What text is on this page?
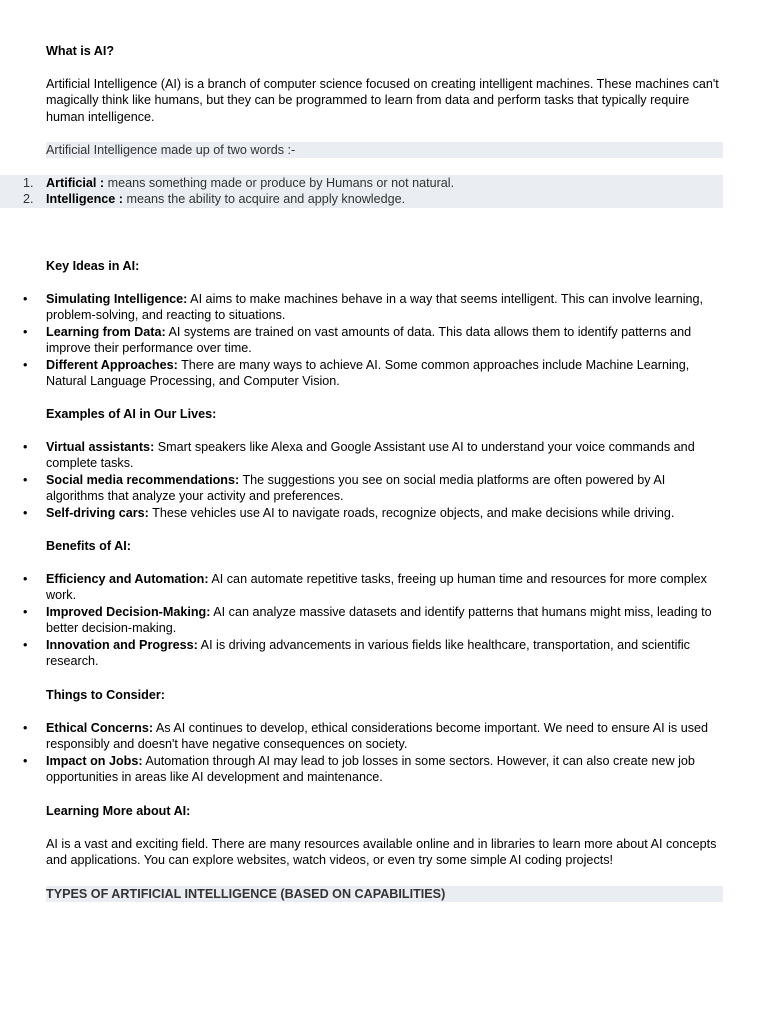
What is AI?

Artificial Intelligence (AI) is a branch of computer science focused on creating intelligent machines. These machines can't magically think like humans, but they can be programmed to learn from data and perform tasks that typically require human intelligence.

Artificial Intelligence made up of two words :-

1. Artificial : means something made or produce by Humans or not natural.
2. Intelligence : means the ability to acquire and apply knowledge.

Key Ideas in AI:

• Simulating Intelligence: AI aims to make machines behave in a way that seems intelligent. This can involve learning, problem-solving, and reacting to situations.
• Learning from Data: AI systems are trained on vast amounts of data. This data allows them to identify patterns and improve their performance over time.
• Different Approaches: There are many ways to achieve AI. Some common approaches include Machine Learning, Natural Language Processing, and Computer Vision.

Examples of AI in Our Lives:

• Virtual assistants: Smart speakers like Alexa and Google Assistant use AI to understand your voice commands and complete tasks.
• Social media recommendations: The suggestions you see on social media platforms are often powered by AI algorithms that analyze your activity and preferences.
• Self-driving cars: These vehicles use AI to navigate roads, recognize objects, and make decisions while driving.

Benefits of AI:

• Efficiency and Automation: AI can automate repetitive tasks, freeing up human time and resources for more complex work.
• Improved Decision-Making: AI can analyze massive datasets and identify patterns that humans might miss, leading to better decision-making.
• Innovation and Progress: AI is driving advancements in various fields like healthcare, transportation, and scientific research.

Things to Consider:

• Ethical Concerns: As AI continues to develop, ethical considerations become important. We need to ensure AI is used responsibly and doesn't have negative consequences on society.
• Impact on Jobs: Automation through AI may lead to job losses in some sectors. However, it can also create new job opportunities in areas like AI development and maintenance.

Learning More about AI:

AI is a vast and exciting field. There are many resources available online and in libraries to learn more about AI concepts and applications. You can explore websites, watch videos, or even try some simple AI coding projects!

TYPES OF ARTIFICIAL INTELLIGENCE (BASED ON CAPABILITIES)
